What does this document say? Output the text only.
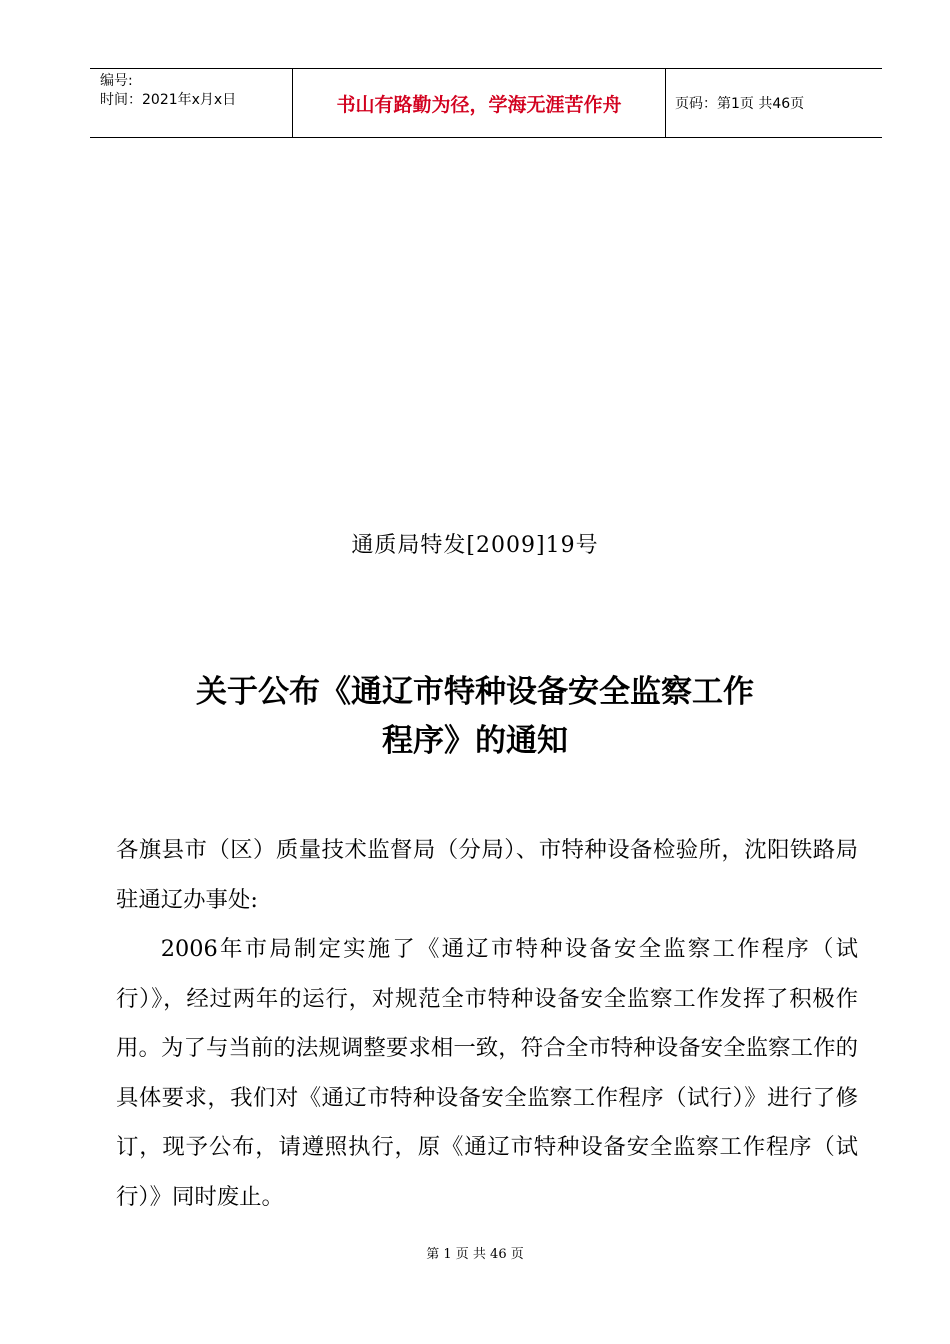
编号:
时间：2021年x月x日	书山有路勤为径，学海无涯苦作舟	页码：第1页 共46页
通质局特发[2009]19号
关于公布《通辽市特种设备安全监察工作
程序》的通知

各旗县市（区）质量技术监督局（分局）、市特种设备检验所，沈阳铁路局驻通辽办事处:

2006年市局制定实施了《通辽市特种设备安全监察工作程序（试行）》，经过两年的运行，对规范全市特种设备安全监察工作发挥了积极作用。为了与当前的法规调整要求相一致，符合全市特种设备安全监察工作的具体要求，我们对《通辽市特种设备安全监察工作程序（试行）》进行了修订，现予公布，请遵照执行，原《通辽市特种设备安全监察工作程序（试行）》同时废止。

第 1 页 共 46 页
